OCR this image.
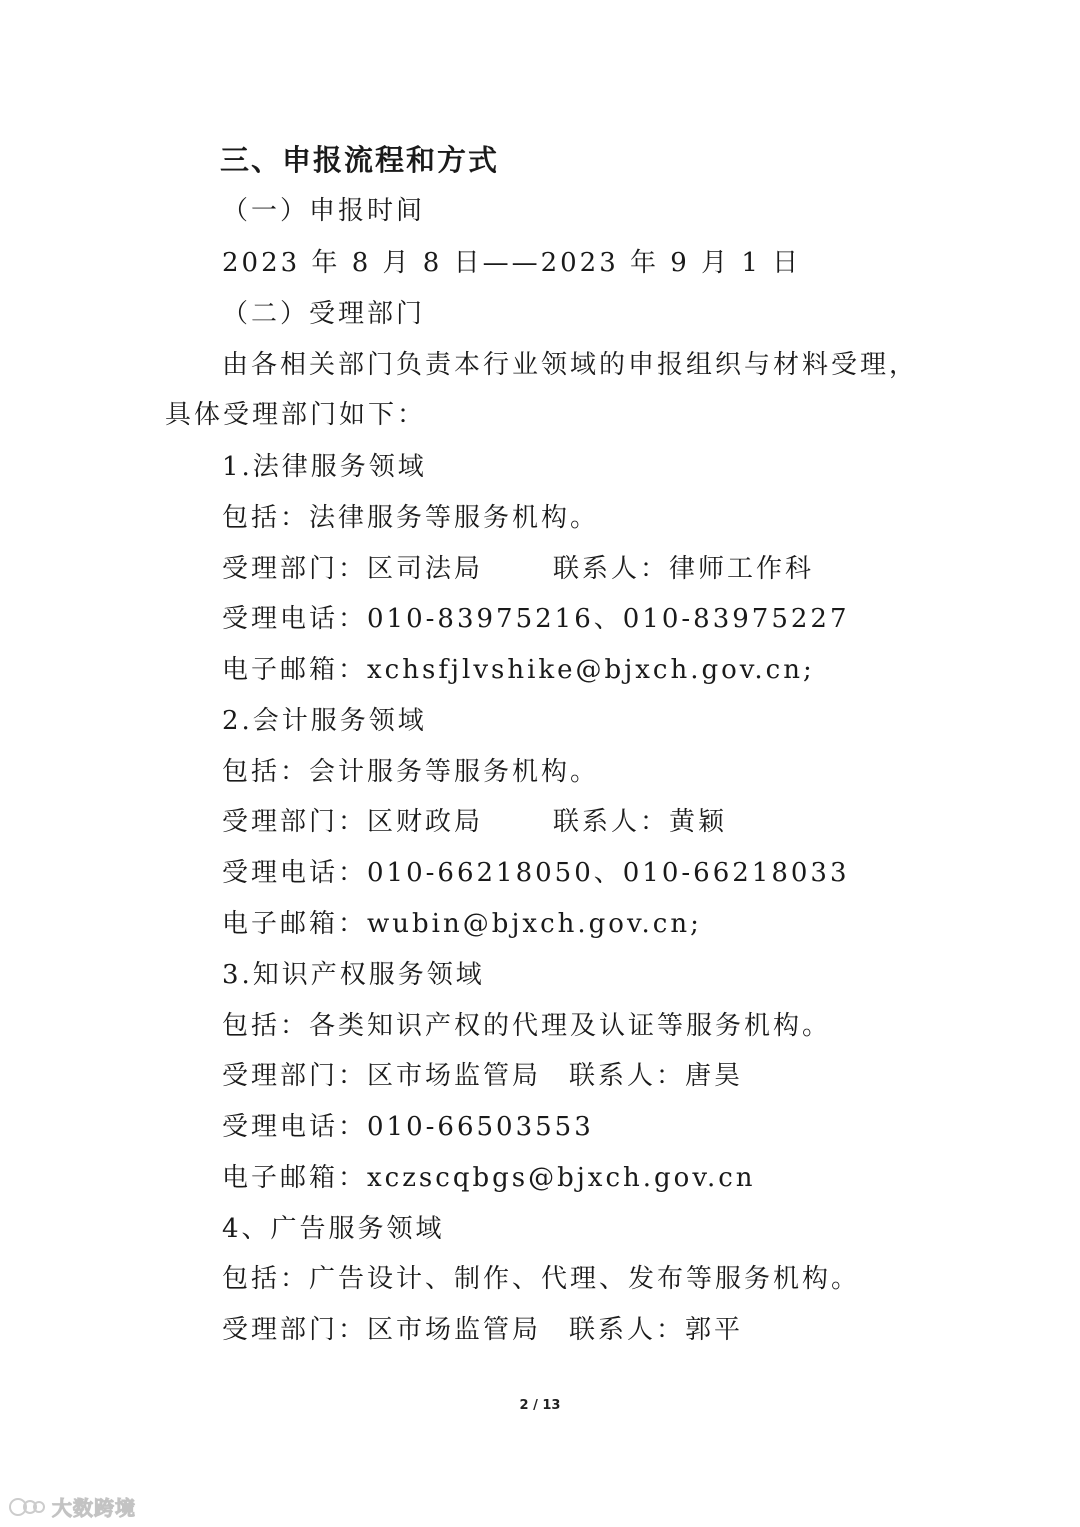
三、申报流程和方式
（一）申报时间
2023 年 8 月 8 日——2023 年 9 月 1 日
（二）受理部门
由各相关部门负责本行业领域的申报组织与材料受理，
具体受理部门如下：
1.法律服务领域
包括：法律服务等服务机构。
受理部门：区司法局	联系人：律师工作科
受理电话：010-83975216、010-83975227
电子邮箱：xchsfjlvshike@bjxch.gov.cn;
2.会计服务领域
包括：会计服务等服务机构。
受理部门：区财政局	联系人：黄颖
受理电话：010-66218050、010-66218033
电子邮箱：wubin@bjxch.gov.cn;
3.知识产权服务领域
包括：各类知识产权的代理及认证等服务机构。
受理部门：区市场监管局 联系人：唐昊
受理电话：010-66503553
电子邮箱：xczscqbgs@bjxch.gov.cn
4、广告服务领域
包括：广告设计、制作、代理、发布等服务机构。
受理部门：区市场监管局 联系人：郭平
2 / 13
大数跨境
